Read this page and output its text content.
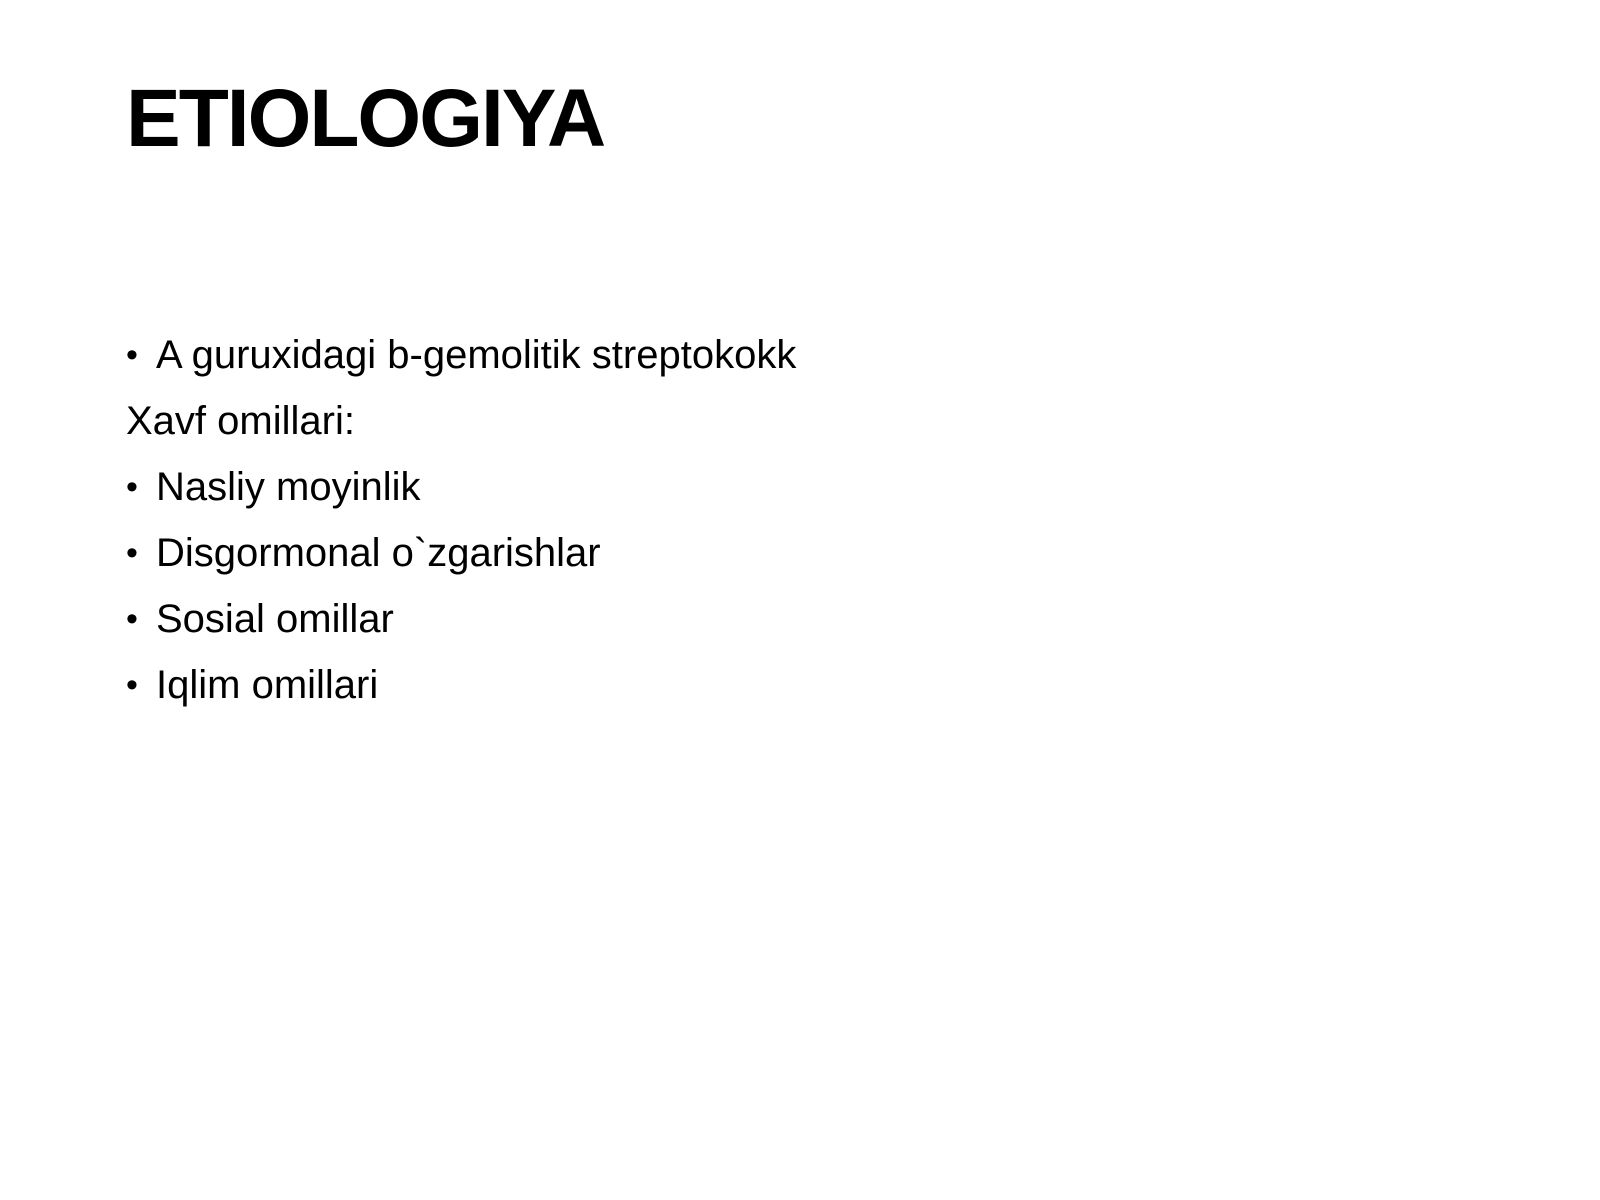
ETIOLOGIYA
• A guruxidagi b-gemolitik streptokokk
Xavf omillari:
• Nasliy moyinlik
• Disgormonal o`zgarishlar
• Sosial omillar
• Iqlim omillari
